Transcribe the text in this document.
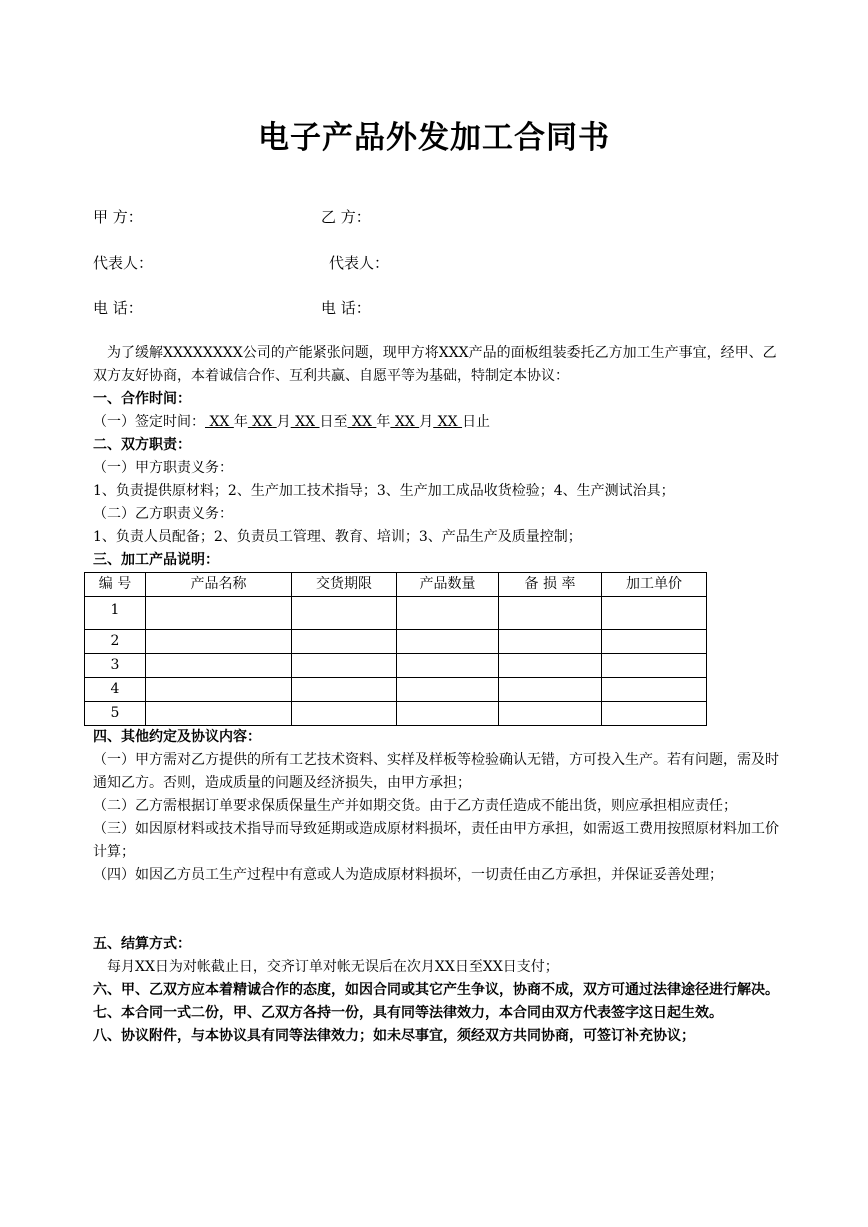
电子产品外发加工合同书
甲 方：	乙 方：
代表人：	代表人：
电 话：	电 话：

为了缓解XXXXXXXX公司的产能紧张问题，现甲方将XXX产品的面板组装委托乙方加工生产事宜，经甲、乙双方友好协商，本着诚信合作、互利共赢、自愿平等为基础，特制定本协议：

一、合作时间：

（一）签定时间： XX 年 XX 月 XX 日至 XX 年 XX 月 XX 日止

二、双方职责：

（一）甲方职责义务：

1、负责提供原材料；2、生产加工技术指导；3、生产加工成品收货检验；4、生产测试治具；

（二）乙方职责义务：

1、负责人员配备；2、负责员工管理、教育、培训；3、产品生产及质量控制；

三、加工产品说明：

编 号	产品名称	交货期限	产品数量	备 损 率	加工单价
1					
2					
3					
4					
5					

四、其他约定及协议内容：

（一）甲方需对乙方提供的所有工艺技术资料、实样及样板等检验确认无错，方可投入生产。若有问题，需及时通知乙方。否则，造成质量的问题及经济损失，由甲方承担；

（二）乙方需根据订单要求保质保量生产并如期交货。由于乙方责任造成不能出货，则应承担相应责任；

（三）如因原材料或技术指导而导致延期或造成原材料损坏，责任由甲方承担，如需返工费用按照原材料加工价计算；

（四）如因乙方员工生产过程中有意或人为造成原材料损坏，一切责任由乙方承担，并保证妥善处理；

五、结算方式：

每月XX日为对帐截止日，交齐订单对帐无误后在次月XX日至XX日支付；

六、甲、乙双方应本着精诚合作的态度，如因合同或其它产生争议，协商不成，双方可通过法律途径进行解决。

七、本合同一式二份，甲、乙双方各持一份，具有同等法律效力，本合同由双方代表签字这日起生效。

八、协议附件，与本协议具有同等法律效力；如未尽事宜，须经双方共同协商，可签订补充协议；
